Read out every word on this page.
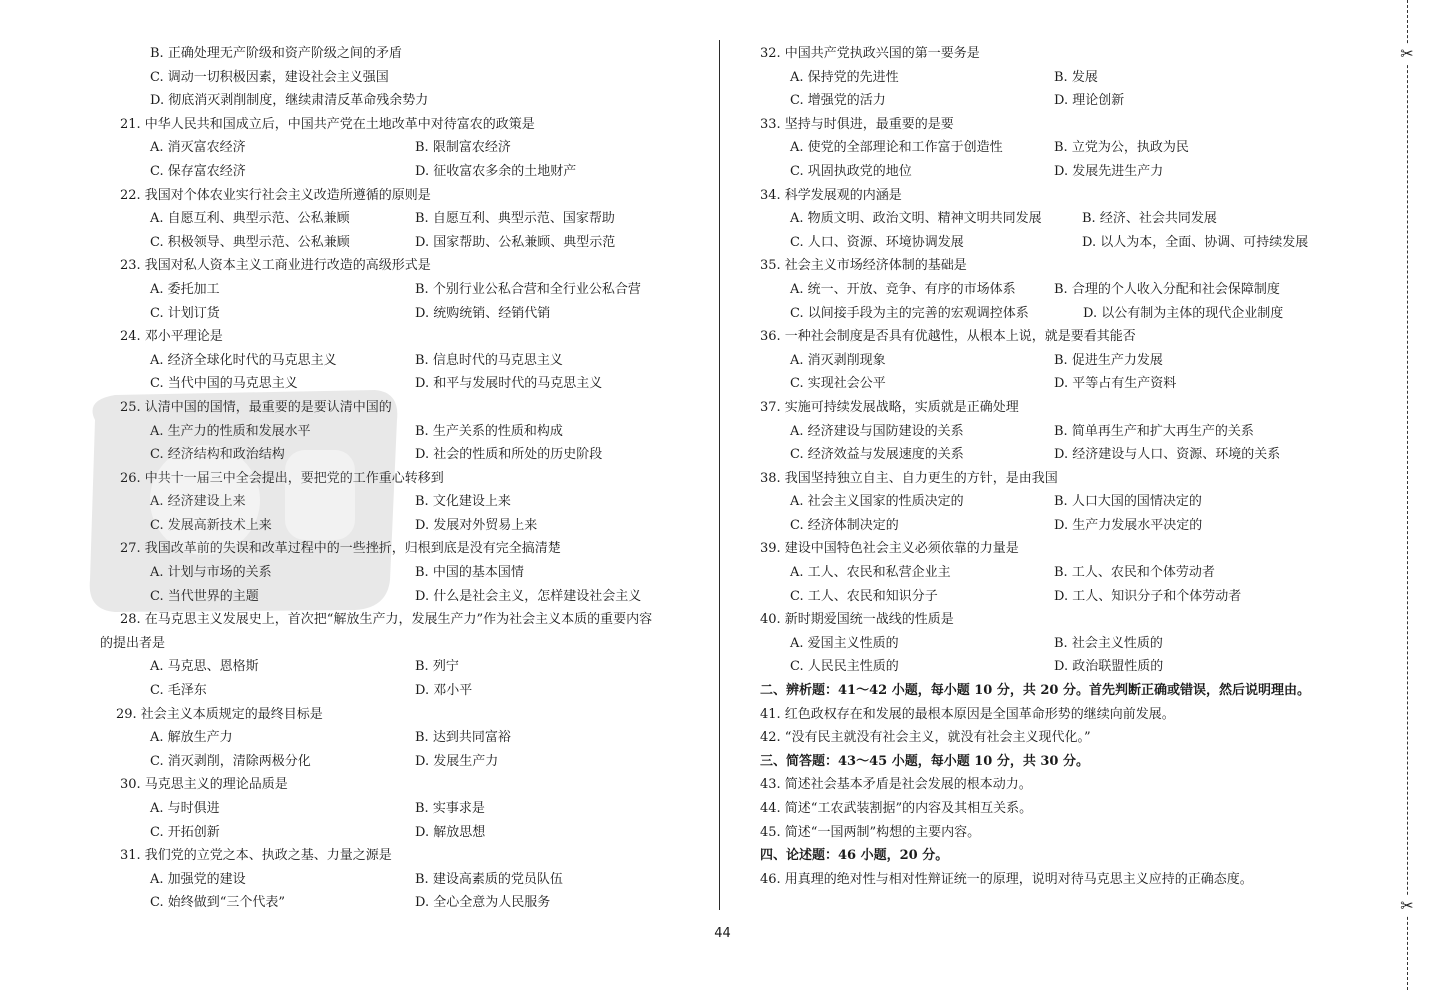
B. 正确处理无产阶级和资产阶级之间的矛盾
C. 调动一切积极因素，建设社会主义强国
D. 彻底消灭剥削制度，继续肃清反革命残余势力
21. 中华人民共和国成立后，中国共产党在土地改革中对待富农的政策是
A. 消灭富农经济	B. 限制富农经济
C. 保存富农经济	D. 征收富农多余的土地财产
22. 我国对个体农业实行社会主义改造所遵循的原则是
A. 自愿互利、典型示范、公私兼顾	B. 自愿互利、典型示范、国家帮助
C. 积极领导、典型示范、公私兼顾	D. 国家帮助、公私兼顾、典型示范
23. 我国对私人资本主义工商业进行改造的高级形式是
A. 委托加工	B. 个别行业公私合营和全行业公私合营
C. 计划订货	D. 统购统销、经销代销
24. 邓小平理论是
A. 经济全球化时代的马克思主义	B. 信息时代的马克思主义
C. 当代中国的马克思主义	D. 和平与发展时代的马克思主义
25. 认清中国的国情，最重要的是要认清中国的
A. 生产力的性质和发展水平	B. 生产关系的性质和构成
C. 经济结构和政治结构	D. 社会的性质和所处的历史阶段
26. 中共十一届三中全会提出，要把党的工作重心转移到
A. 经济建设上来	B. 文化建设上来
C. 发展高新技术上来	D. 发展对外贸易上来
27. 我国改革前的失误和改革过程中的一些挫折，归根到底是没有完全搞清楚
A. 计划与市场的关系	B. 中国的基本国情
C. 当代世界的主题	D. 什么是社会主义，怎样建设社会主义
28. 在马克思主义发展史上，首次把“解放生产力，发展生产力”作为社会主义本质的重要内容
的提出者是
A. 马克思、恩格斯	B. 列宁
C. 毛泽东	D. 邓小平
29. 社会主义本质规定的最终目标是
A. 解放生产力	B. 达到共同富裕
C. 消灭剥削，清除两极分化	D. 发展生产力
30. 马克思主义的理论品质是
A. 与时俱进	B. 实事求是
C. 开拓创新	D. 解放思想
31. 我们党的立党之本、执政之基、力量之源是
A. 加强党的建设	B. 建设高素质的党员队伍
C. 始终做到“三个代表”	D. 全心全意为人民服务
32. 中国共产党执政兴国的第一要务是
A. 保持党的先进性	B. 发展
C. 增强党的活力	D. 理论创新
33. 坚持与时俱进，最重要的是要
A. 使党的全部理论和工作富于创造性	B. 立党为公，执政为民
C. 巩固执政党的地位	D. 发展先进生产力
34. 科学发展观的内涵是
A. 物质文明、政治文明、精神文明共同发展	B. 经济、社会共同发展
C. 人口、资源、环境协调发展	D. 以人为本，全面、协调、可持续发展
35. 社会主义市场经济体制的基础是
A. 统一、开放、竞争、有序的市场体系	B. 合理的个人收入分配和社会保障制度
C. 以间接手段为主的完善的宏观调控体系	D. 以公有制为主体的现代企业制度
36. 一种社会制度是否具有优越性，从根本上说，就是要看其能否
A. 消灭剥削现象	B. 促进生产力发展
C. 实现社会公平	D. 平等占有生产资料
37. 实施可持续发展战略，实质就是正确处理
A. 经济建设与国防建设的关系	B. 简单再生产和扩大再生产的关系
C. 经济效益与发展速度的关系	D. 经济建设与人口、资源、环境的关系
38. 我国坚持独立自主、自力更生的方针，是由我国
A. 社会主义国家的性质决定的	B. 人口大国的国情决定的
C. 经济体制决定的	D. 生产力发展水平决定的
39. 建设中国特色社会主义必须依靠的力量是
A. 工人、农民和私营企业主	B. 工人、农民和个体劳动者
C. 工人、农民和知识分子	D. 工人、知识分子和个体劳动者
40. 新时期爱国统一战线的性质是
A. 爱国主义性质的	B. 社会主义性质的
C. 人民民主性质的	D. 政治联盟性质的
二、辨析题：41～42 小题，每小题 10 分，共 20 分。首先判断正确或错误，然后说明理由。
41. 红色政权存在和发展的最根本原因是全国革命形势的继续向前发展。
42. “没有民主就没有社会主义，就没有社会主义现代化。”
三、简答题：43～45 小题，每小题 10 分，共 30 分。
43. 简述社会基本矛盾是社会发展的根本动力。
44. 简述“工农武装割据”的内容及其相互关系。
45. 简述“一国两制”构想的主要内容。
四、论述题：46 小题，20 分。
46. 用真理的绝对性与相对性辩证统一的原理，说明对待马克思主义应持的正确态度。
✂
✂
44
